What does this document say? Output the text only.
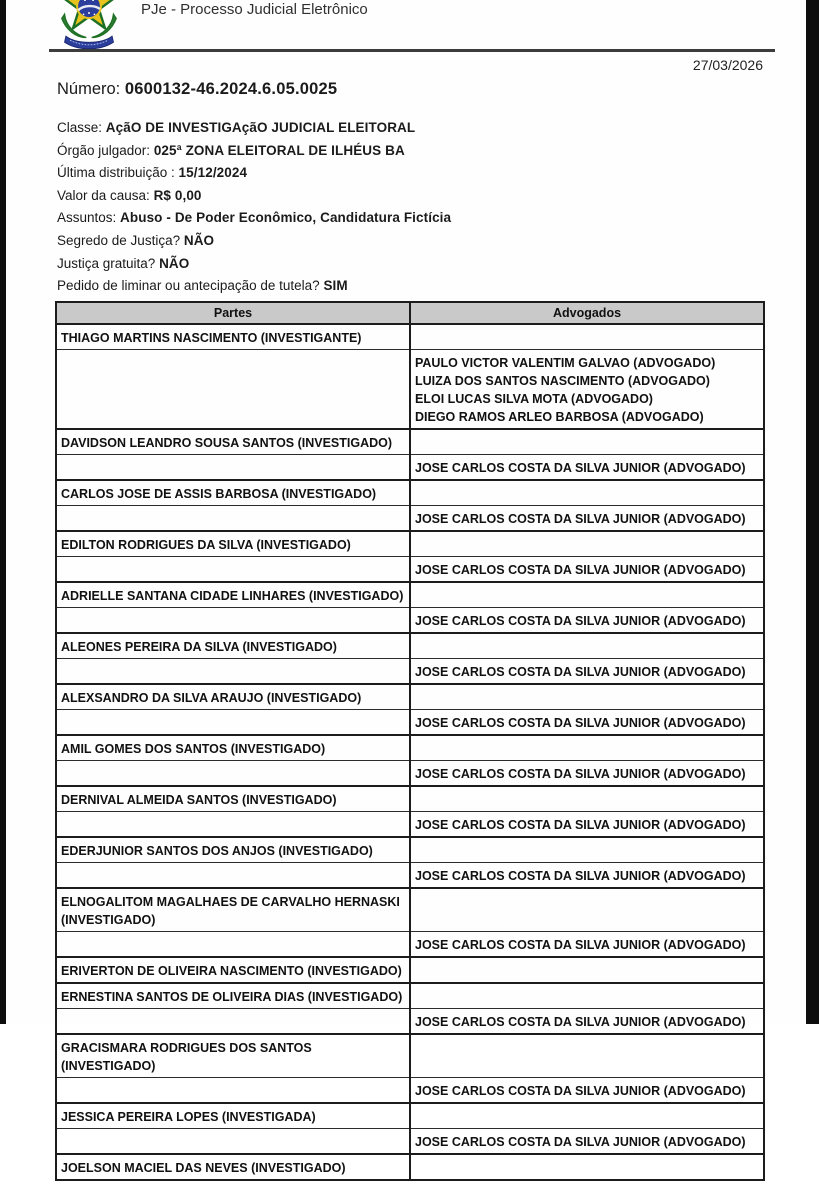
PJe - Processo Judicial Eletrônico
27/03/2026
Número: 0600132-46.2024.6.05.0025
Classe: AçãO DE INVESTIGAçãO JUDICIAL ELEITORAL
Órgão julgador: 025ª ZONA ELEITORAL DE ILHÉUS BA
Última distribuição : 15/12/2024
Valor da causa: R$ 0,00
Assuntos: Abuso - De Poder Econômico, Candidatura Fictícia
Segredo de Justiça? NÃO
Justiça gratuita? NÃO
Pedido de liminar ou antecipação de tutela? SIM
Partes	Advogados
THIAGO MARTINS NASCIMENTO (INVESTIGANTE)	

	PAULO VICTOR VALENTIM GALVAO (ADVOGADO)
LUIZA DOS SANTOS NASCIMENTO (ADVOGADO)
ELOI LUCAS SILVA MOTA (ADVOGADO)
DIEGO RAMOS ARLEO BARBOSA (ADVOGADO)

DAVIDSON LEANDRO SOUSA SANTOS (INVESTIGADO)	

	JOSE CARLOS COSTA DA SILVA JUNIOR (ADVOGADO)

CARLOS JOSE DE ASSIS BARBOSA (INVESTIGADO)	

	JOSE CARLOS COSTA DA SILVA JUNIOR (ADVOGADO)

EDILTON RODRIGUES DA SILVA (INVESTIGADO)	

	JOSE CARLOS COSTA DA SILVA JUNIOR (ADVOGADO)

ADRIELLE SANTANA CIDADE LINHARES (INVESTIGADO)	

	JOSE CARLOS COSTA DA SILVA JUNIOR (ADVOGADO)

ALEONES PEREIRA DA SILVA (INVESTIGADO)	

	JOSE CARLOS COSTA DA SILVA JUNIOR (ADVOGADO)

ALEXSANDRO DA SILVA ARAUJO (INVESTIGADO)	

	JOSE CARLOS COSTA DA SILVA JUNIOR (ADVOGADO)

AMIL GOMES DOS SANTOS (INVESTIGADO)	

	JOSE CARLOS COSTA DA SILVA JUNIOR (ADVOGADO)

DERNIVAL ALMEIDA SANTOS (INVESTIGADO)	

	JOSE CARLOS COSTA DA SILVA JUNIOR (ADVOGADO)

EDERJUNIOR SANTOS DOS ANJOS (INVESTIGADO)	

	JOSE CARLOS COSTA DA SILVA JUNIOR (ADVOGADO)

ELNOGALITOM MAGALHAES DE CARVALHO HERNASKI (INVESTIGADO)	

	JOSE CARLOS COSTA DA SILVA JUNIOR (ADVOGADO)

ERIVERTON DE OLIVEIRA NASCIMENTO (INVESTIGADO)	
ERNESTINA SANTOS DE OLIVEIRA DIAS (INVESTIGADO)	

	JOSE CARLOS COSTA DA SILVA JUNIOR (ADVOGADO)

GRACISMARA RODRIGUES DOS SANTOS (INVESTIGADO)	

	JOSE CARLOS COSTA DA SILVA JUNIOR (ADVOGADO)

JESSICA PEREIRA LOPES (INVESTIGADA)	

	JOSE CARLOS COSTA DA SILVA JUNIOR (ADVOGADO)

JOELSON MACIEL DAS NEVES (INVESTIGADO)	
